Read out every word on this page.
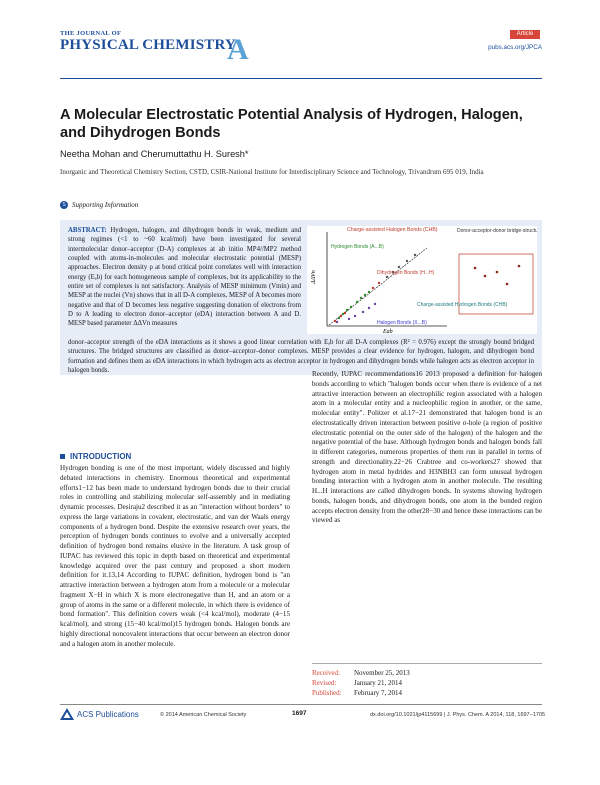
THE JOURNAL OF
PHYSICAL CHEMISTRY
A	Article
pubs.acs.org/JPCA
A Molecular Electrostatic Potential Analysis of Hydrogen, Halogen, and Dihydrogen Bonds
Neetha Mohan and Cherumuttathu H. Suresh*
Inorganic and Theoretical Chemistry Section, CSTD, CSIR-National Institute for Interdisciplinary Science and Technology, Trivandrum 695 019, India
S Supporting Information
ABSTRACT: Hydrogen, halogen, and dihydrogen bonds in weak, medium and strong regimes (<1 to ~60 kcal/mol) have been investigated for several intermolecular donor–acceptor (D-A) complexes at ab initio MP4//MP2 method coupled with atoms-in-molecules and molecular electrostatic potential (MESP) approaches. Electron density ρ at bond critical point correlates well with interaction energy (Eₐb) for each homogeneous sample of complexes, but its applicability to the entire set of complexes is not satisfactory. Analysis of MESP minimum (Vmin) and MESP at the nuclei (Vn) shows that in all D-A complexes, MESP of A becomes more negative and that of D becomes less negative suggesting donation of electrons from D to A leading to electron donor–acceptor (eDA) interaction between A and D. MESP based parameter ΔΔVn measures
donor–acceptor strength of the eDA interactions as it shows a good linear correlation with Eₐb for all D-A complexes (R² = 0.976) except the strongly bound bridged structures. The bridged structures are classified as donor–acceptor–donor complexes. MESP provides a clear evidence for hydrogen, halogen, and dihydrogen bond formation and defines them as eDA interactions in which hydrogen acts as electron acceptor in hydrogen and dihydrogen bonds while halogen acts as electron acceptor in halogen bonds.
ΔΔVn
Eab
Charge-assisted Halogen Bonds (CHB)	Donor-acceptor-donor bridge-structures
Hydrogen Bonds (A...B)
Dihydrogen Bonds (H...H)
Charge-assisted Hydrogen Bonds (CHB)
Halogen Bonds (X...B)
INTRODUCTION
Hydrogen bonding is one of the most important, widely discussed and highly debated interactions in chemistry. Enormous theoretical and experimental efforts1−12 has been made to understand hydrogen bonds due to their crucial roles in controlling and stabilizing molecular self-assembly and in mediating dynamic processes. Desiraju2 described it as an "interaction without borders" to express the large variations in covalent, electrostatic, and van der Waals energy components of a hydrogen bond. Despite the extensive research over years, the perception of hydrogen bonds continues to evolve and a universally accepted definition of hydrogen bond remains elusive in the literature. A task group of IUPAC has reviewed this topic in depth based on theoretical and experimental knowledge acquired over the past century and proposed a short modern definition for it.13,14 According to IUPAC definition, hydrogen bond is "an attractive interaction between a hydrogen atom from a molecule or a molecular fragment X−H in which X is more electronegative than H, and an atom or a group of atoms in the same or a different molecule, in which there is evidence of bond formation". This definition covers weak (<4 kcal/mol), moderate (4−15 kcal/mol), and strong (15−40 kcal/mol)15 hydrogen bonds. Halogen bonds are highly directional noncovalent interactions that occur between an electron donor and a halogen atom in another molecule.
Recently, IUPAC recommendations16 2013 proposed a definition for halogen bonds according to which "halogen bonds occur when there is evidence of a net attractive interaction between an electrophilic region associated with a halogen atom in a molecular entity and a nucleophilic region in another, or the same, molecular entity". Politzer et al.17−21 demonstrated that halogen bond is an electrostatically driven interaction between positive σ-hole (a region of positive electrostatic potential on the outer side of the halogen) of the halogen and the negative potential of the base. Although hydrogen bonds and halogen bonds fall in different categories, numerous properties of them run in parallel in terms of strength and directionality.22−26 Crabtree and co-workers27 showed that hydrogen atom in metal hydrides and H3NBH3 can form unusual hydrogen bonding interaction with a hydrogen atom in another molecule. The resulting H...H interactions are called dihydrogen bonds. In systems showing hydrogen bonds, halogen bonds, and dihydrogen bonds, one atom in the bonded region accepts electron density from the other28−30 and hence these interactions can be viewed as
Received: November 25, 2013
Revised:	January 21, 2014
Published: February 7, 2014
ACS Publications	© 2014 American Chemical Society	1697	dx.doi.org/10.1021/jp4115699 | J. Phys. Chem. A 2014, 118, 1697−1705
